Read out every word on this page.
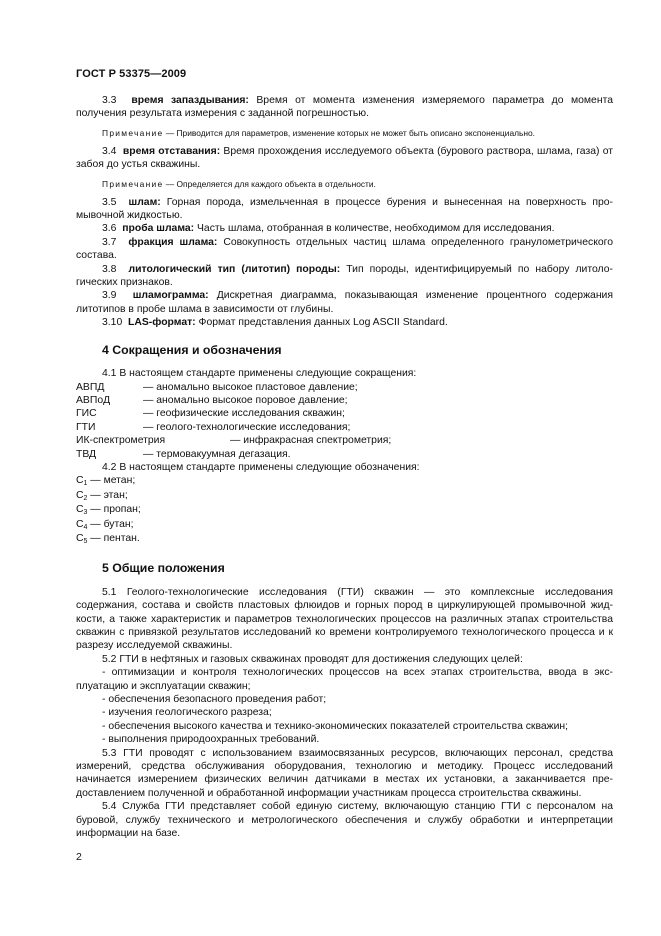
ГОСТ Р 53375—2009

3.3 время запаздывания: Время от момента изменения измеряемого параметра до момента получения результата измерения с заданной погрешностью.

Примечание — Приводится для параметров, изменение которых не может быть описано экспоненциально.

3.4 время отставания: Время прохождения исследуемого объекта (бурового раствора, шлама, газа) от забоя до устья скважины.

Примечание — Определяется для каждого объекта в отдельности.

3.5 шлам: Горная порода, измельченная в процессе бурения и вынесенная на поверхность промывочной жидкостью.

3.6 проба шлама: Часть шлама, отобранная в количестве, необходимом для исследования.

3.7 фракция шлама: Совокупность отдельных частиц шлама определенного гранулометрического состава.

3.8 литологический тип (литотип) породы: Тип породы, идентифицируемый по набору литологических признаков.

3.9 шламограмма: Дискретная диаграмма, показывающая изменение процентного содержания литотипов в пробе шлама в зависимости от глубины.

3.10 LAS-формат: Формат представления данных Log ASCII Standard.

4 Сокращения и обозначения

4.1 В настоящем стандарте применены следующие сокращения:

АВПД	— аномально высокое пластовое давление;
АВПоД	— аномально высокое поровое давление;
ГИС	— геофизические исследования скважин;
ГТИ	— геолого-технологические исследования;
ИК-спектрометрия	— инфракрасная спектрометрия;
ТВД	— термовакуумная дегазация.

4.2 В настоящем стандарте применены следующие обозначения:

С1 — метан;

С2 — этан;

С3 — пропан;

С4 — бутан;

С5 — пентан.

5 Общие положения

5.1 Геолого-технологические исследования (ГТИ) скважин — это комплексные исследования содержания, состава и свойств пластовых флюидов и горных пород в циркулирующей промывочной жидкости, а также характеристик и параметров технологических процессов на различных этапах строительства скважин с привязкой результатов исследований ко времени контролируемого технологического процесса и к разрезу исследуемой скважины.

5.2 ГТИ в нефтяных и газовых скважинах проводят для достижения следующих целей:

- оптимизации и контроля технологических процессов на всех этапах строительства, ввода в эксплуатацию и эксплуатации скважин;

- обеспечения безопасного проведения работ;

- изучения геологического разреза;

- обеспечения высокого качества и технико-экономических показателей строительства скважин;

- выполнения природоохранных требований.

5.3 ГТИ проводят с использованием взаимосвязанных ресурсов, включающих персонал, средства измерений, средства обслуживания оборудования, технологию и методику. Процесс исследований начинается измерением физических величин датчиками в местах их установки, а заканчивается предоставлением полученной и обработанной информации участникам процесса строительства скважины.

5.4 Служба ГТИ представляет собой единую систему, включающую станцию ГТИ с персоналом на буровой, службу технического и метрологического обеспечения и службу обработки и интерпретации информации на базе.

2
